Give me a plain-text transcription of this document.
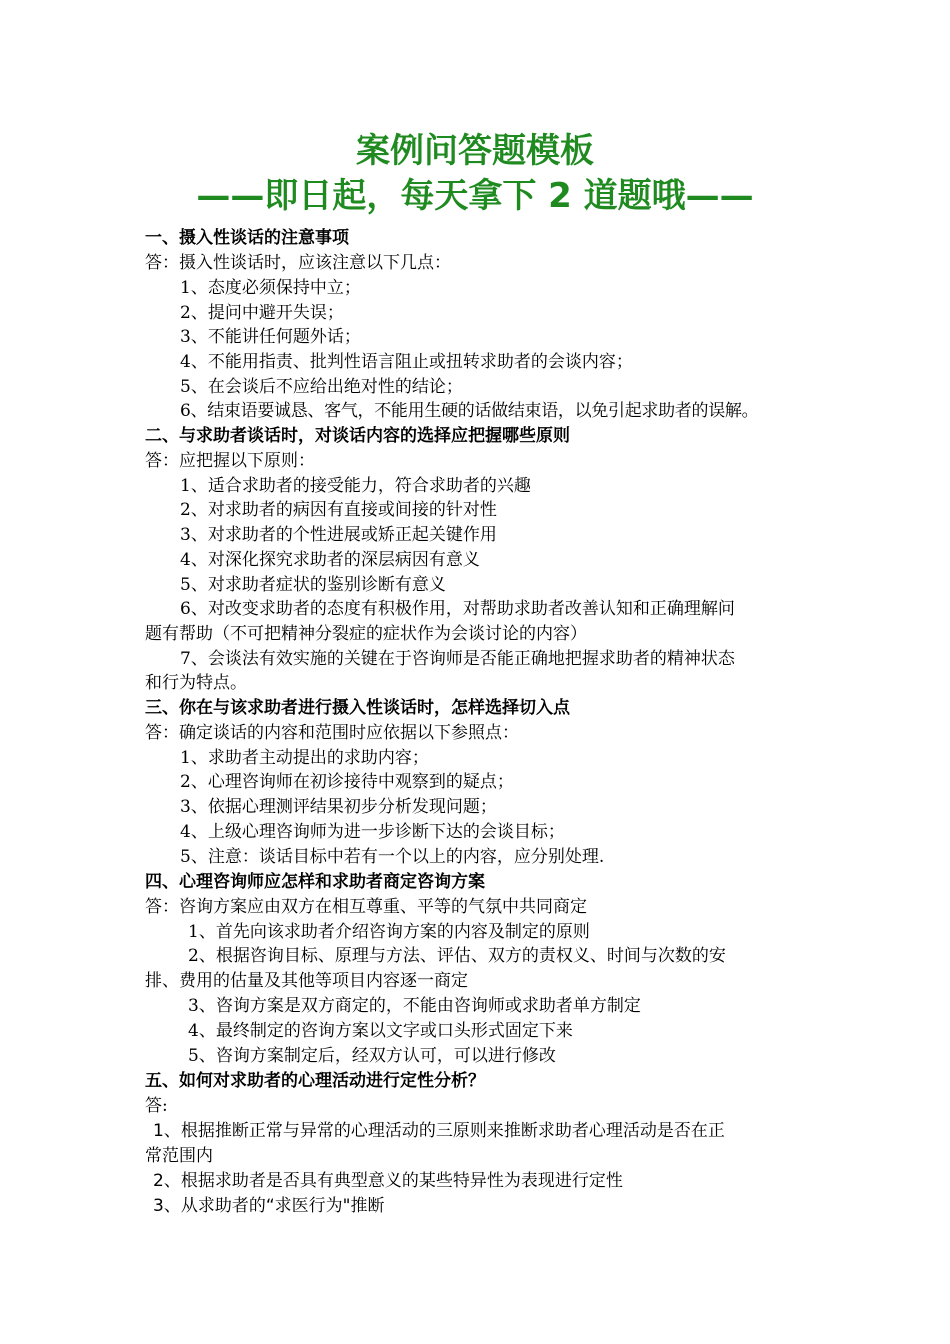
案例问答题模板
——即日起，每天拿下 2 道题哦——
一、摄入性谈话的注意事项
答：摄入性谈话时，应该注意以下几点：
1、态度必须保持中立；
2、提问中避开失误；
3、不能讲任何题外话；
4、不能用指责、批判性语言阻止或扭转求助者的会谈内容；
5、在会谈后不应给出绝对性的结论；
6、结束语要诚恳、客气，不能用生硬的话做结束语，以免引起求助者的误解。
二、与求助者谈话时，对谈话内容的选择应把握哪些原则
答：应把握以下原则：
1、适合求助者的接受能力，符合求助者的兴趣
2、对求助者的病因有直接或间接的针对性
3、对求助者的个性进展或矫正起关键作用
4、对深化探究求助者的深层病因有意义
5、对求助者症状的鉴别诊断有意义
6、对改变求助者的态度有积极作用，对帮助求助者改善认知和正确理解问
题有帮助（不可把精神分裂症的症状作为会谈讨论的内容）
7、会谈法有效实施的关键在于咨询师是否能正确地把握求助者的精神状态
和行为特点。
三、你在与该求助者进行摄入性谈话时，怎样选择切入点
答：确定谈话的内容和范围时应依据以下参照点：
1、求助者主动提出的求助内容；
2、心理咨询师在初诊接待中观察到的疑点；
3、依据心理测评结果初步分析发现问题；
4、上级心理咨询师为进一步诊断下达的会谈目标；
5、注意：谈话目标中若有一个以上的内容，应分别处理.
四、心理咨询师应怎样和求助者商定咨询方案
答：咨询方案应由双方在相互尊重、平等的气氛中共同商定
1、首先向该求助者介绍咨询方案的内容及制定的原则
2、根据咨询目标、原理与方法、评估、双方的责权义、时间与次数的安
排、费用的估量及其他等项目内容逐一商定
3、咨询方案是双方商定的，不能由咨询师或求助者单方制定
4、最终制定的咨询方案以文字或口头形式固定下来
5、咨询方案制定后，经双方认可，可以进行修改
五、如何对求助者的心理活动进行定性分析？
答:
1、根据推断正常与异常的心理活动的三原则来推断求助者心理活动是否在正
常范围内
2、根据求助者是否具有典型意义的某些特异性为表现进行定性
3、从求助者的“求医行为"推断
